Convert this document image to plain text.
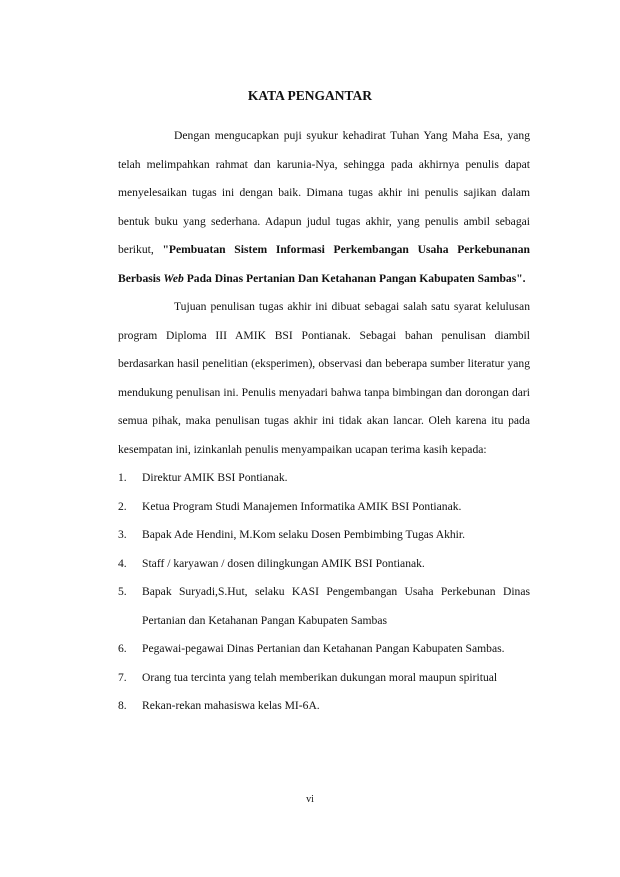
KATA PENGANTAR

Dengan mengucapkan puji syukur kehadirat Tuhan Yang Maha Esa, yang telah melimpahkan rahmat dan karunia-Nya, sehingga pada akhirnya penulis dapat menyelesaikan tugas ini dengan baik. Dimana tugas akhir ini penulis sajikan dalam bentuk buku yang sederhana. Adapun judul tugas akhir, yang penulis ambil sebagai berikut, "Pembuatan Sistem Informasi Perkembangan Usaha Perkebunanan Berbasis Web Pada Dinas Pertanian Dan Ketahanan Pangan Kabupaten Sambas".

Tujuan penulisan tugas akhir ini dibuat sebagai salah satu syarat kelulusan program Diploma III AMIK BSI Pontianak. Sebagai bahan penulisan diambil berdasarkan hasil penelitian (eksperimen), observasi dan beberapa sumber literatur yang mendukung penulisan ini. Penulis menyadari bahwa tanpa bimbingan dan dorongan dari semua pihak, maka penulisan tugas akhir ini tidak akan lancar. Oleh karena itu pada kesempatan ini, izinkanlah penulis menyampaikan ucapan terima kasih kepada:

1. Direktur AMIK BSI Pontianak.
2. Ketua Program Studi Manajemen Informatika AMIK BSI Pontianak.
3. Bapak Ade Hendini, M.Kom selaku Dosen Pembimbing Tugas Akhir.
4. Staff / karyawan / dosen dilingkungan AMIK BSI Pontianak.
5. Bapak Suryadi,S.Hut, selaku KASI Pengembangan Usaha Perkebunan Dinas Pertanian dan Ketahanan Pangan Kabupaten Sambas
6. Pegawai-pegawai Dinas Pertanian dan Ketahanan Pangan Kabupaten Sambas.
7. Orang tua tercinta yang telah memberikan dukungan moral maupun spiritual
8. Rekan-rekan mahasiswa kelas MI-6A.
vi
